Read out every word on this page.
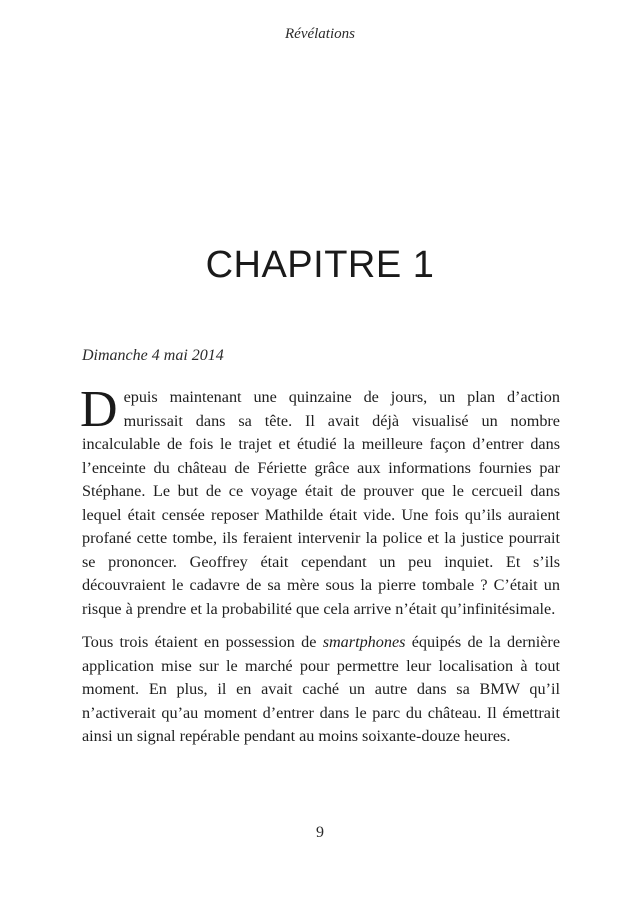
Révélations
CHAPITRE 1
Dimanche 4 mai 2014

Depuis maintenant une quinzaine de jours, un plan d’action murissait dans sa tête. Il avait déjà visualisé un nombre incalculable de fois le trajet et étudié la meilleure façon d’entrer dans l’enceinte du château de Fériette grâce aux informations fournies par Stéphane. Le but de ce voyage était de prouver que le cercueil dans lequel était censée reposer Mathilde était vide. Une fois qu’ils auraient profané cette tombe, ils feraient intervenir la police et la justice pourrait se prononcer. Geoffrey était cependant un peu inquiet. Et s’ils découvraient le cadavre de sa mère sous la pierre tombale ? C’était un risque à prendre et la probabilité que cela arrive n’était qu’infinitésimale.

Tous trois étaient en possession de smartphones équipés de la dernière application mise sur le marché pour permettre leur localisation à tout moment. En plus, il en avait caché un autre dans sa BMW qu’il n’activerait qu’au moment d’entrer dans le parc du château. Il émettrait ainsi un signal repérable pendant au moins soixante-douze heures.

9
